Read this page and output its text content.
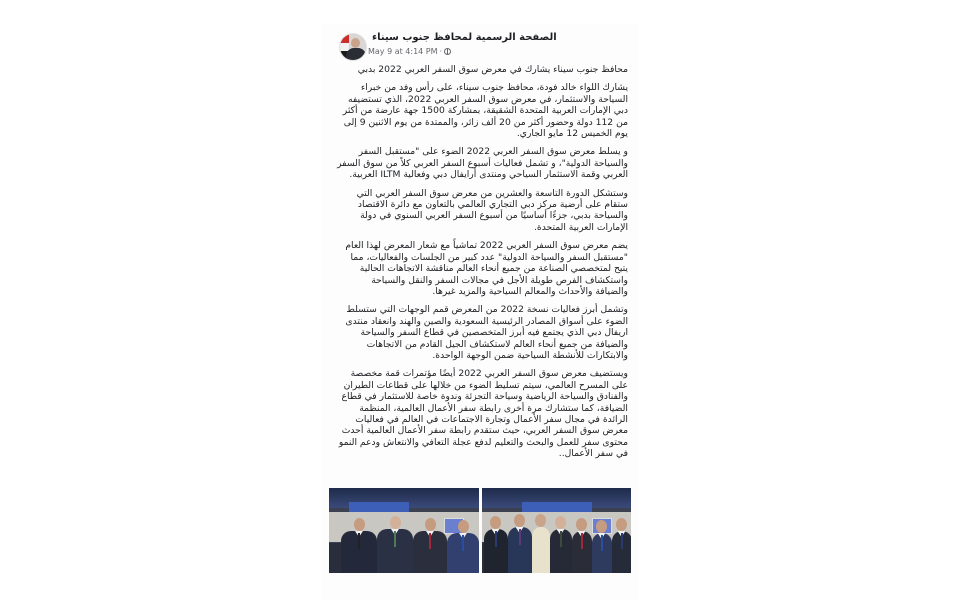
الصفحة الرسمية لمحافظ جنوب سيناء
May 9 at 4:14 PM ·

محافظ جنوب سيناء يشارك في معرض سوق السفر العربي 2022 بدبي

يشارك اللواء خالد فودة، محافظ جنوب سيناء، على رأس وفد من خبراء السياحة والاستثمار، في معرض سوق السفر العربي 2022، الذي تستضيفه دبي الإمارات العربية المتحدة الشقيقة، بمشاركة 1500 جهة عارضة من أكثر من 112 دولة وحضور أكثر من 20 ألف زائر، والممتدة من يوم الاثنين 9 إلى يوم الخميس 12 مايو الجاري.

و يسلط معرض سوق السفر العربي 2022 الضوء على "مستقبل السفر والسياحة الدولية"، و تشمل فعاليات أسبوع السفر العربي كلاً من سوق السفر العربي وقمة الاستثمار السياحي ومنتدى أرايفال دبي وفعالية ILTM العربية.

وستشكل الدورة التاسعة والعشرين من معرض سوق السفر العربي التي ستقام على أرضية مركز دبي التجاري العالمي بالتعاون مع دائرة الاقتصاد والسياحة بدبي، جزءًا أساسيًا من أسبوع السفر العربي السنوي في دولة الإمارات العربية المتحدة.

يضم معرض سوق السفر العربي 2022 تماشياً مع شعار المعرض لهذا العام "مستقبل السفر والسياحة الدولية" عدد كبير من الجلسات والفعاليات، مما يتيح لمتخصصي الصناعة من جميع أنحاء العالم مناقشة الاتجاهات الحالية واستكشاف الفرص طويلة الأجل في مجالات السفر والنقل والسياحة والضيافة والأحداث والمعالم السياحية والمزيد غيرها.

وتشمل أبرز فعاليات نسخة 2022 من المعرض قمم الوجهات التي ستسلط الضوء على أسواق المصادر الرئيسية السعودية والصين والهند وانعقاد منتدى اريفال دبي الذي يجتمع فيه أبرز المتخصصين في قطاع السفر والسياحة والضيافة من جميع أنحاء العالم لاستكشاف الجيل القادم من الاتجاهات والابتكارات للأنشطة السياحية ضمن الوجهة الواحدة.

ويستضيف معرض سوق السفر العربي 2022 أيضًا مؤتمرات قمة مخصصة على المسرح العالمي، سيتم تسليط الضوء من خلالها على قطاعات الطيران والفنادق والسياحة الرياضية وسياحة التجزئة وندوة خاصة للاستثمار في قطاع الضيافة، كما ستشارك مرة أخرى رابطة سفر الأعمال العالمية، المنظمة الرائدة في مجال سفر الأعمال وتجارة الاجتماعات في العالم في فعاليات معرض سوق السفر العربي، حيث ستقدم رابطة سفر الأعمال العالمية أحدث محتوى سفر للعمل والبحث والتعليم لدفع عجلة التعافي والانتعاش ودعم النمو في سفر الأعمال..
